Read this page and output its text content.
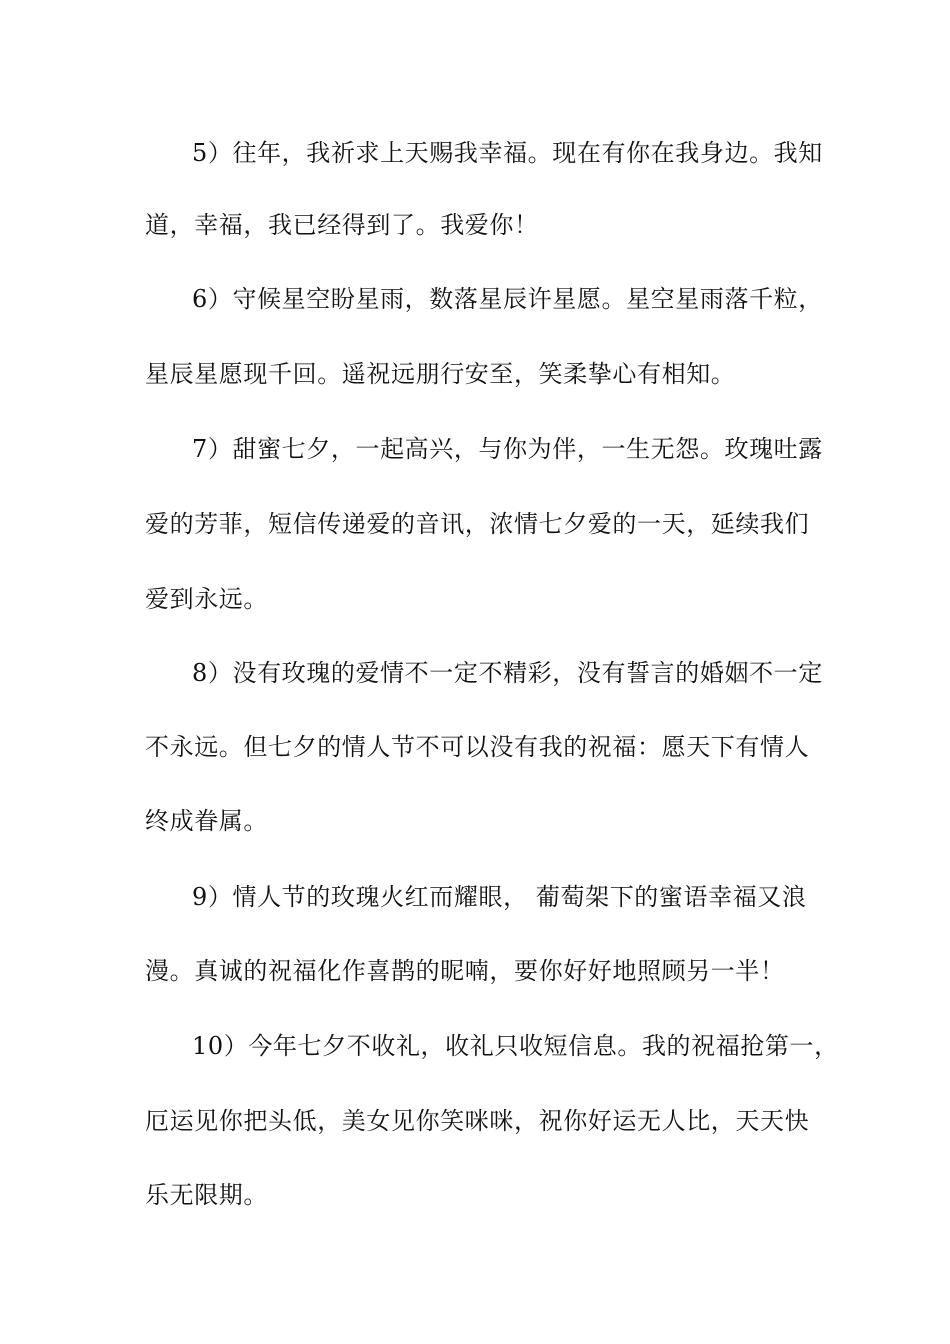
5）往年，我祈求上天赐我幸福。现在有你在我身边。我知
道，幸福，我已经得到了。我爱你！
6）守候星空盼星雨，数落星辰许星愿。星空星雨落千粒，
星辰星愿现千回。遥祝远朋行安至，笑柔挚心有相知。
7）甜蜜七夕，一起高兴，与你为伴，一生无怨。玫瑰吐露
爱的芳菲，短信传递爱的音讯，浓情七夕爱的一天，延续我们
爱到永远。
8）没有玫瑰的爱情不一定不精彩，没有誓言的婚姻不一定
不永远。但七夕的情人节不可以没有我的祝福：愿天下有情人
终成眷属。
9）情人节的玫瑰火红而耀眼， 葡萄架下的蜜语幸福又浪
漫。真诚的祝福化作喜鹊的昵喃，要你好好地照顾另一半！
10）今年七夕不收礼，收礼只收短信息。我的祝福抢第一，
厄运见你把头低，美女见你笑咪咪，祝你好运无人比，天天快
乐无限期。
